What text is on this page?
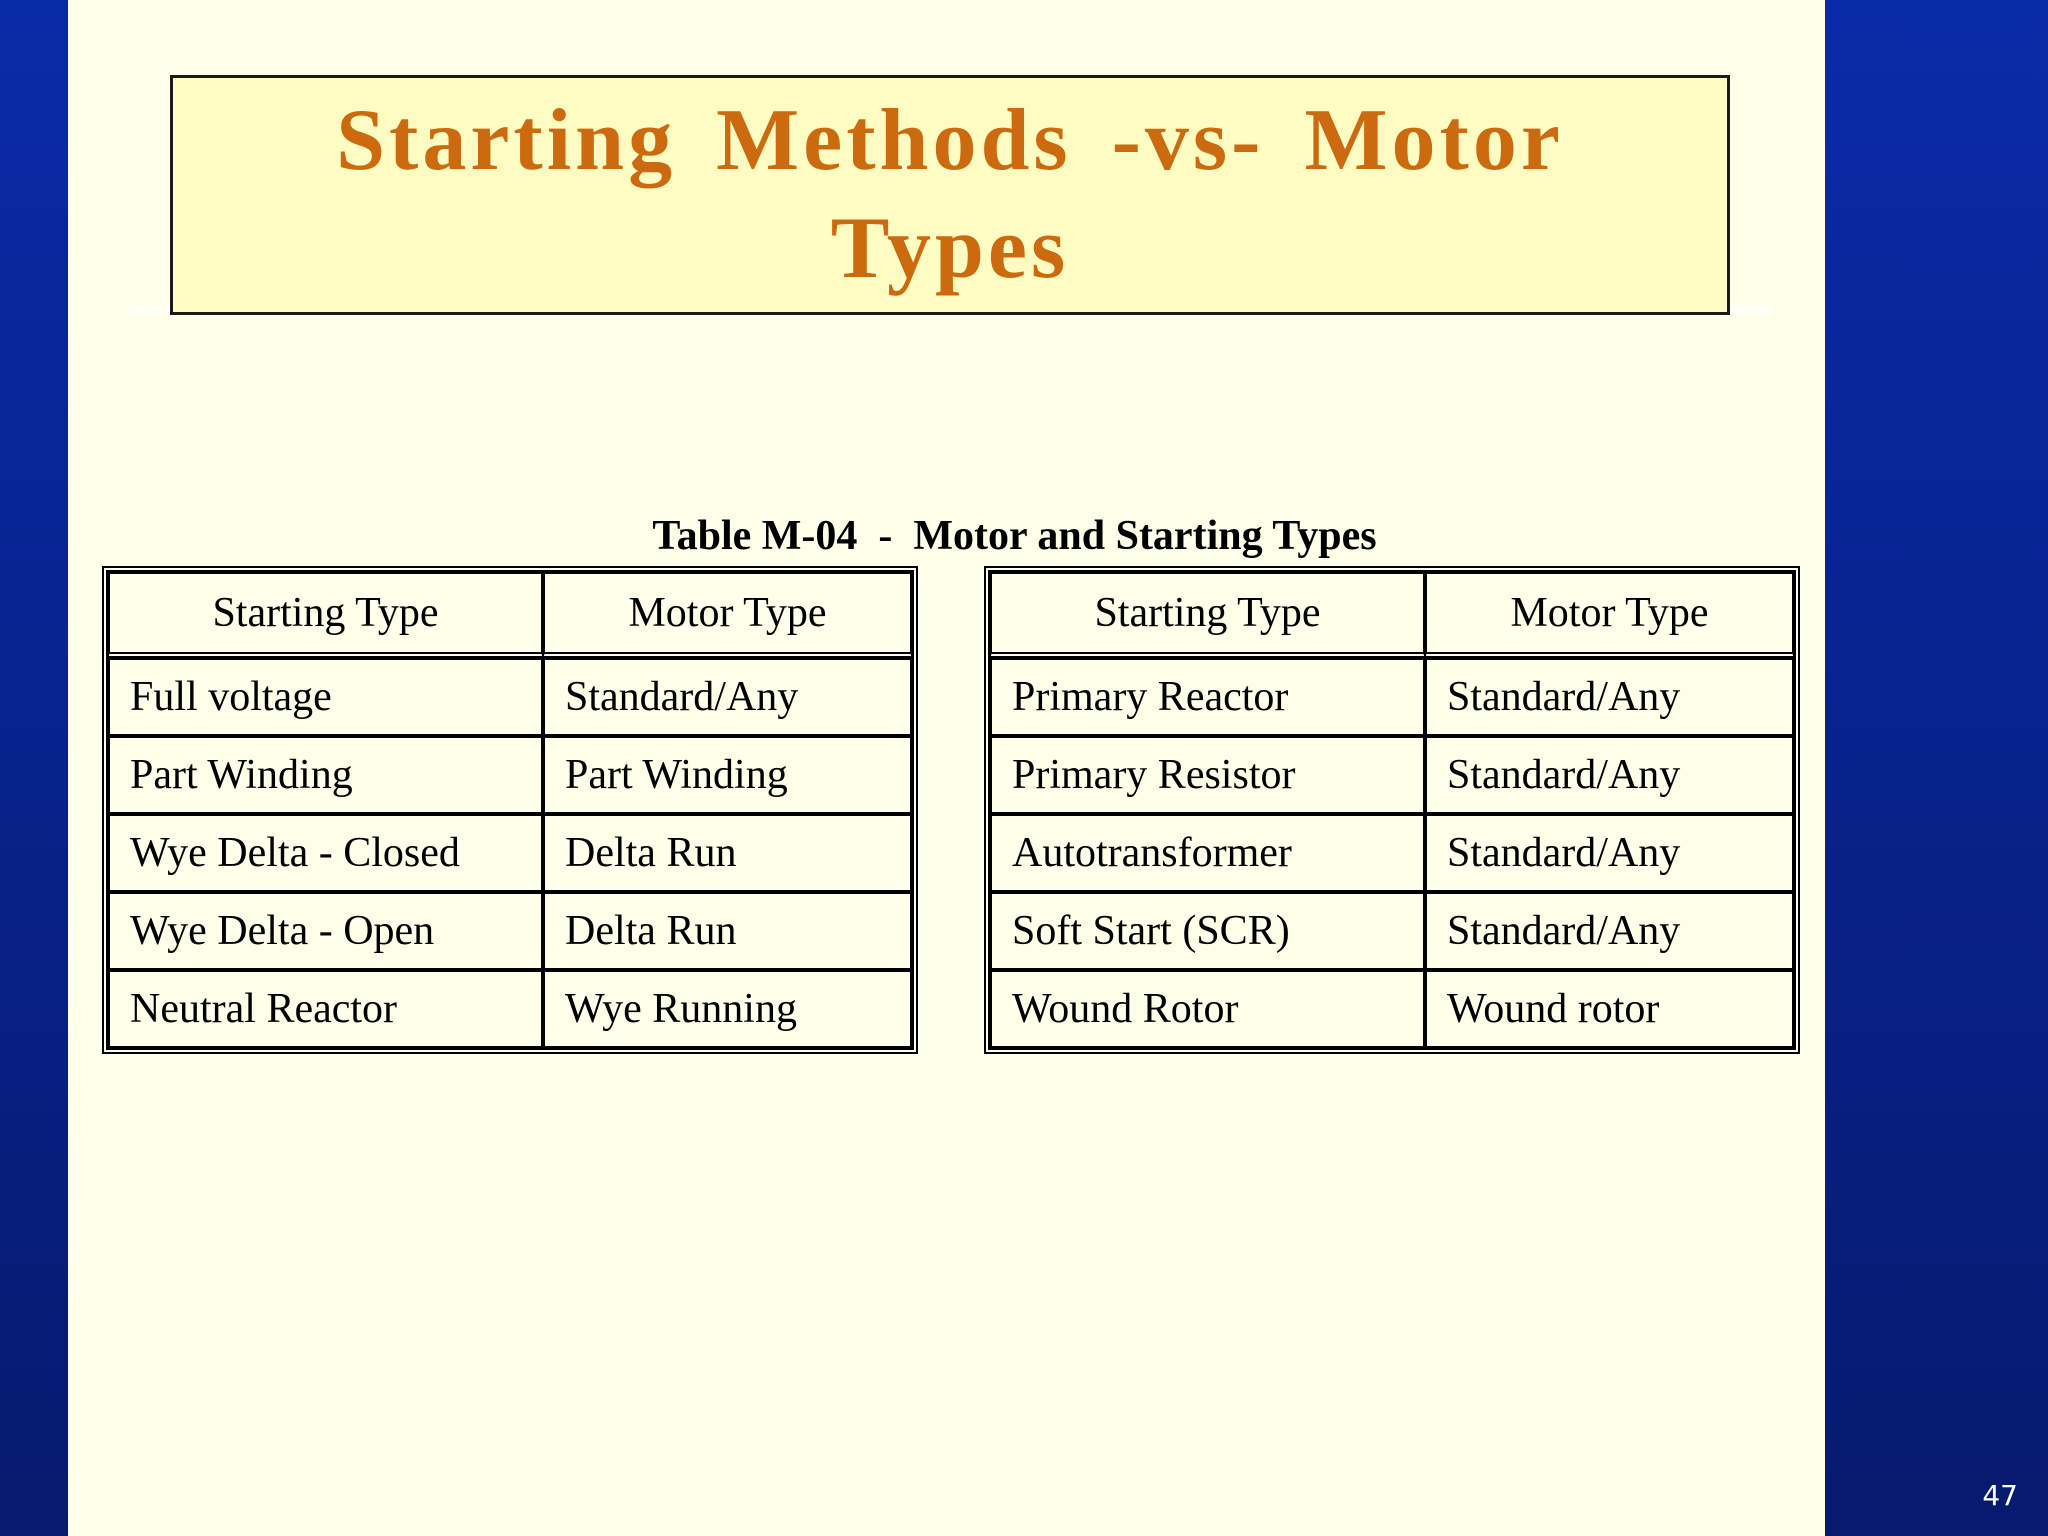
Starting Methods -vs- Motor Types
Table M-04  -  Motor and Starting Types
Starting Type	Motor Type
Full voltage	Standard/Any
Part Winding	Part Winding
Wye Delta - Closed	Delta Run
Wye Delta - Open	Delta Run
Neutral Reactor	Wye Running
Starting Type	Motor Type
Primary Reactor	Standard/Any
Primary Resistor	Standard/Any
Autotransformer	Standard/Any
Soft Start (SCR)	Standard/Any
Wound Rotor	Wound rotor
47
